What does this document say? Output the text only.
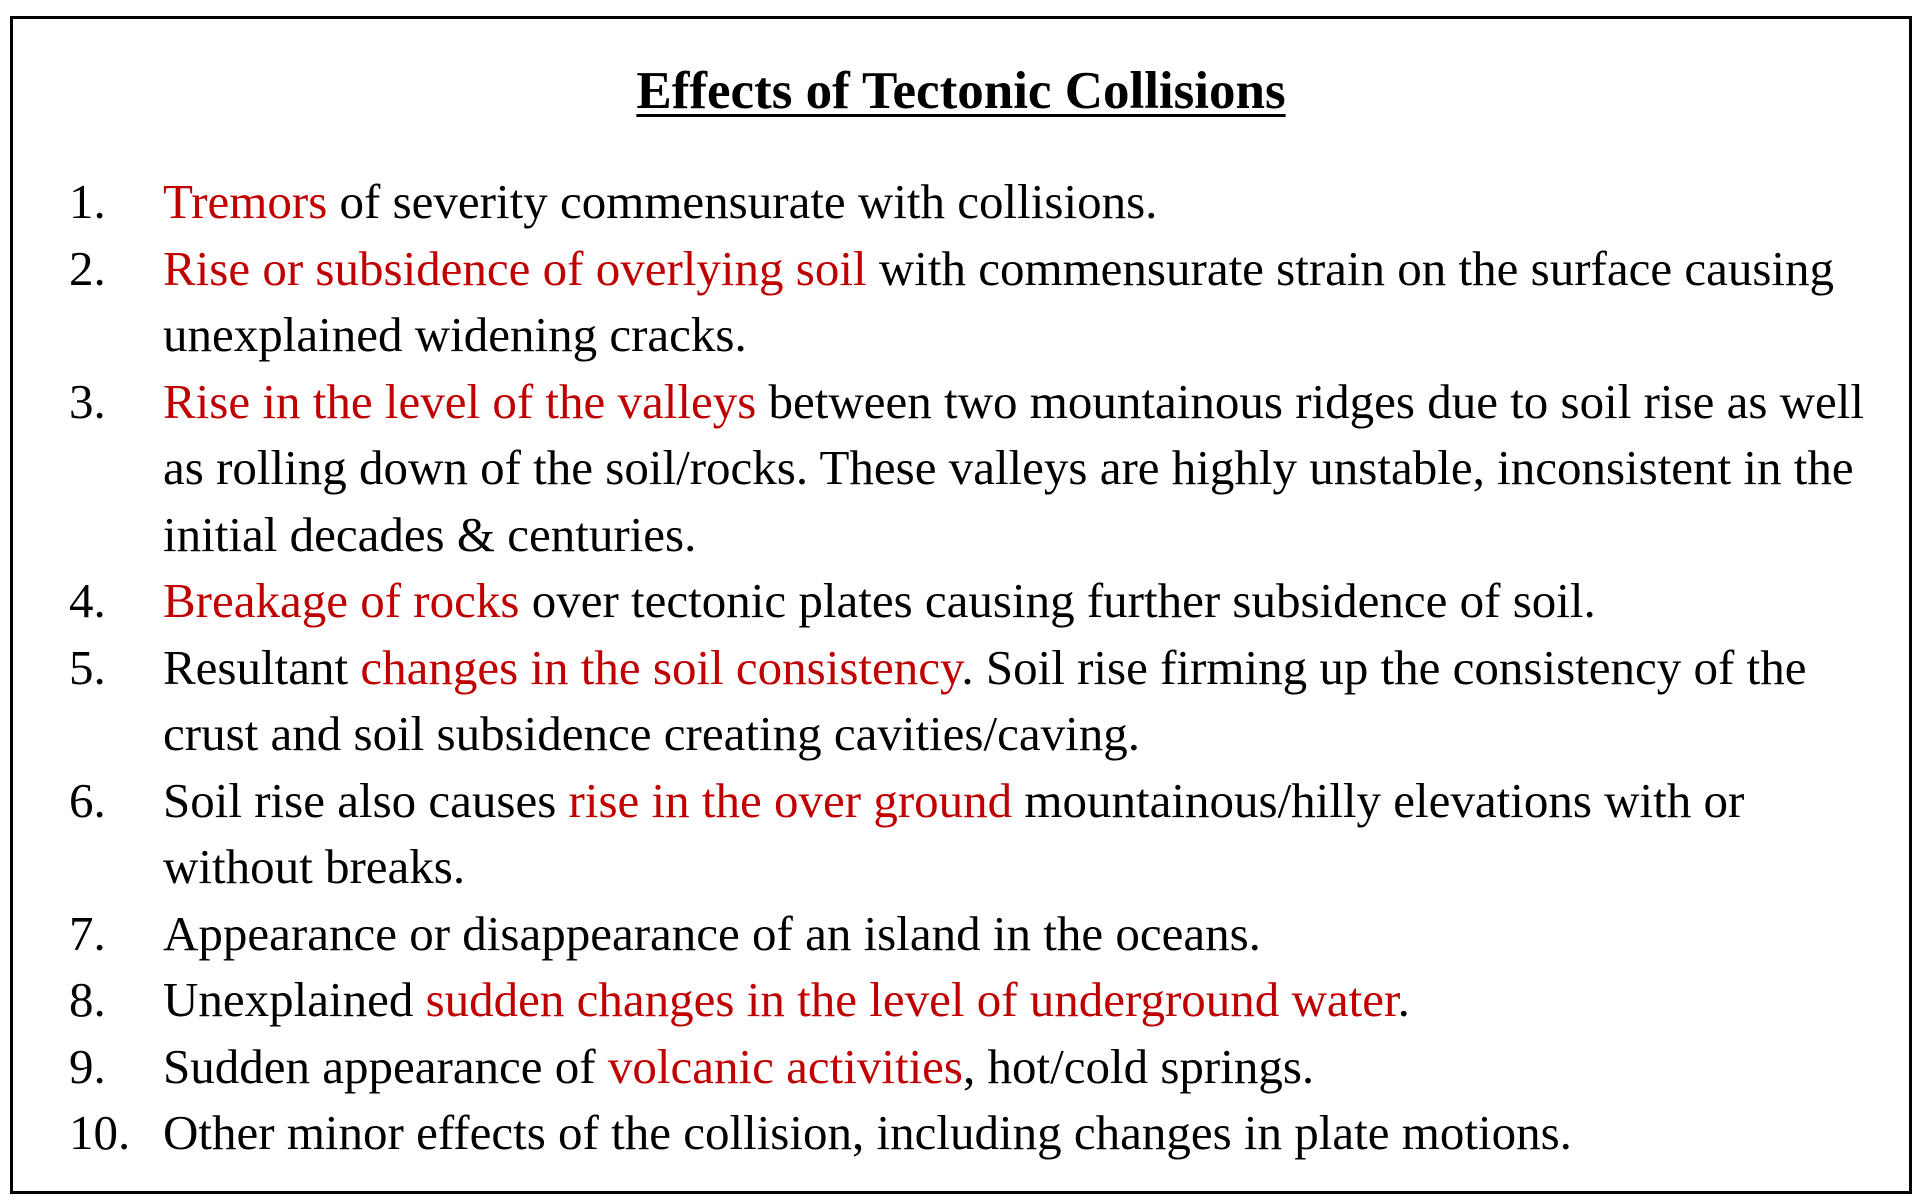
Effects of Tectonic Collisions
1.	Tremors of severity commensurate with collisions.
2.	Rise or subsidence of overlying soil with commensurate strain on the surface causing unexplained widening cracks.
3.	Rise in the level of the valleys between two mountainous ridges due to soil rise as well as rolling down of the soil/rocks. These valleys are highly unstable, inconsistent in the initial decades & centuries.
4.	Breakage of rocks over tectonic plates causing further subsidence of soil.
5.	Resultant changes in the soil consistency. Soil rise firming up the consistency of the crust and soil subsidence creating cavities/caving.
6.	Soil rise also causes rise in the over ground mountainous/hilly elevations with or without breaks.
7.	Appearance or disappearance of an island in the oceans.
8.	Unexplained sudden changes in the level of underground water.
9.	Sudden appearance of volcanic activities, hot/cold springs.
10. Other minor effects of the collision, including changes in plate motions.
